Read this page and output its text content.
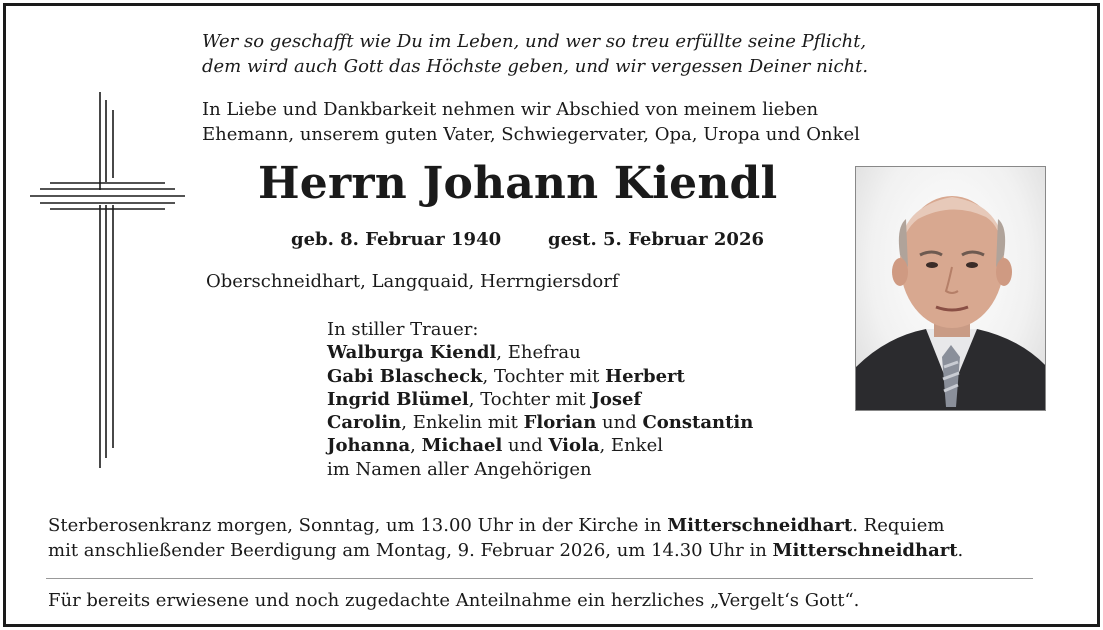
Wer so geschafft wie Du im Leben, und wer so treu erfüllte seine Pflicht,
dem wird auch Gott das Höchste geben, und wir vergessen Deiner nicht.
In Liebe und Dankbarkeit nehmen wir Abschied von meinem lieben
Ehemann, unserem guten Vater, Schwiegervater, Opa, Uropa und Onkel
Herrn Johann Kiendl
geb. 8. Februar 1940	gest. 5. Februar 2026
Oberschneidhart, Langquaid, Herrngiersdorf
In stiller Trauer:
Walburga Kiendl, Ehefrau
Gabi Blascheck, Tochter mit Herbert
Ingrid Blümel, Tochter mit Josef
Carolin, Enkelin mit Florian und Constantin
Johanna, Michael und Viola, Enkel
im Namen aller Angehörigen
Sterberosenkranz morgen, Sonntag, um 13.00 Uhr in der Kirche in Mitterschneidhart. Requiem
mit anschließender Beerdigung am Montag, 9. Februar 2026, um 14.30 Uhr in Mitterschneidhart.
Für bereits erwiesene und noch zugedachte Anteilnahme ein herzliches „Vergelt‘s Gott“.
